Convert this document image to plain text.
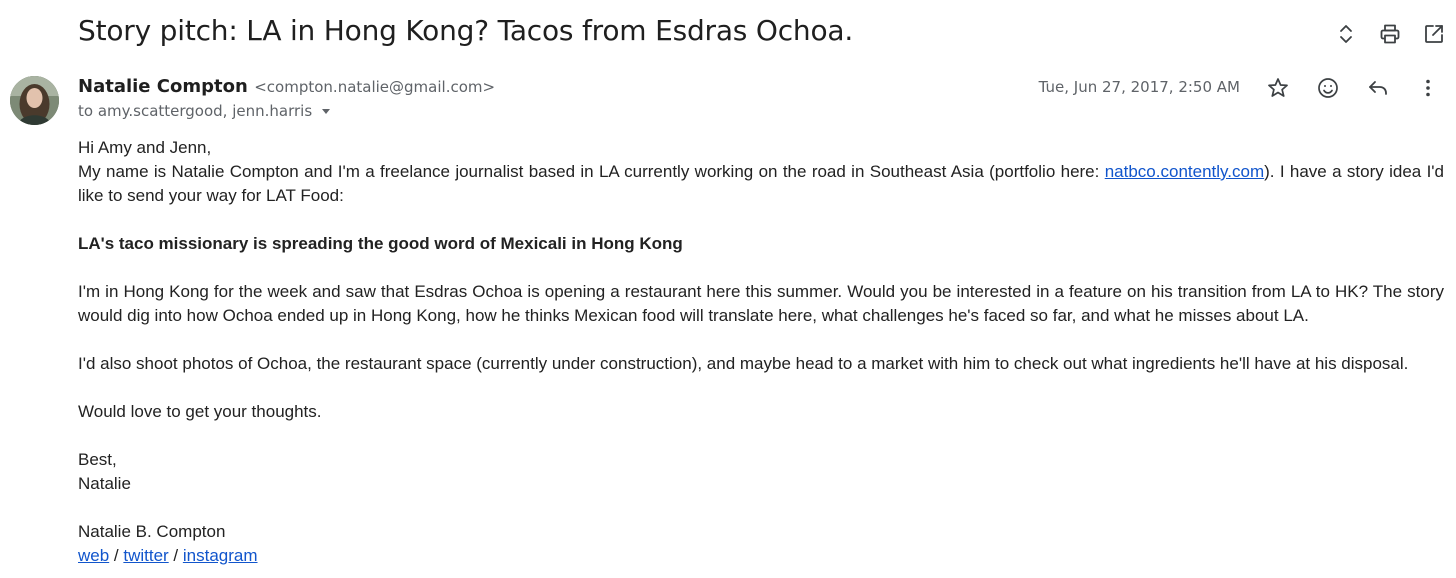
Story pitch: LA in Hong Kong? Tacos from Esdras Ochoa.
Natalie Compton <compton.natalie@gmail.com>
to amy.scattergood, jenn.harris
Tue, Jun 27, 2017, 2:50 AM

Hi Amy and Jenn,

My name is Natalie Compton and I'm a freelance journalist based in LA currently working on the road in Southeast Asia (portfolio here: natbco.contently.com). I have a story idea I'd like to send your way for LAT Food:

LA's taco missionary is spreading the good word of Mexicali in Hong Kong

I'm in Hong Kong for the week and saw that Esdras Ochoa is opening a restaurant here this summer. Would you be interested in a feature on his transition from LA to HK? The story would dig into how Ochoa ended up in Hong Kong, how he thinks Mexican food will translate here, what challenges he's faced so far, and what he misses about LA.

I'd also shoot photos of Ochoa, the restaurant space (currently under construction), and maybe head to a market with him to check out what ingredients he'll have at his disposal.

Would love to get your thoughts.

Best,

Natalie

Natalie B. Compton

web / twitter / instagram
